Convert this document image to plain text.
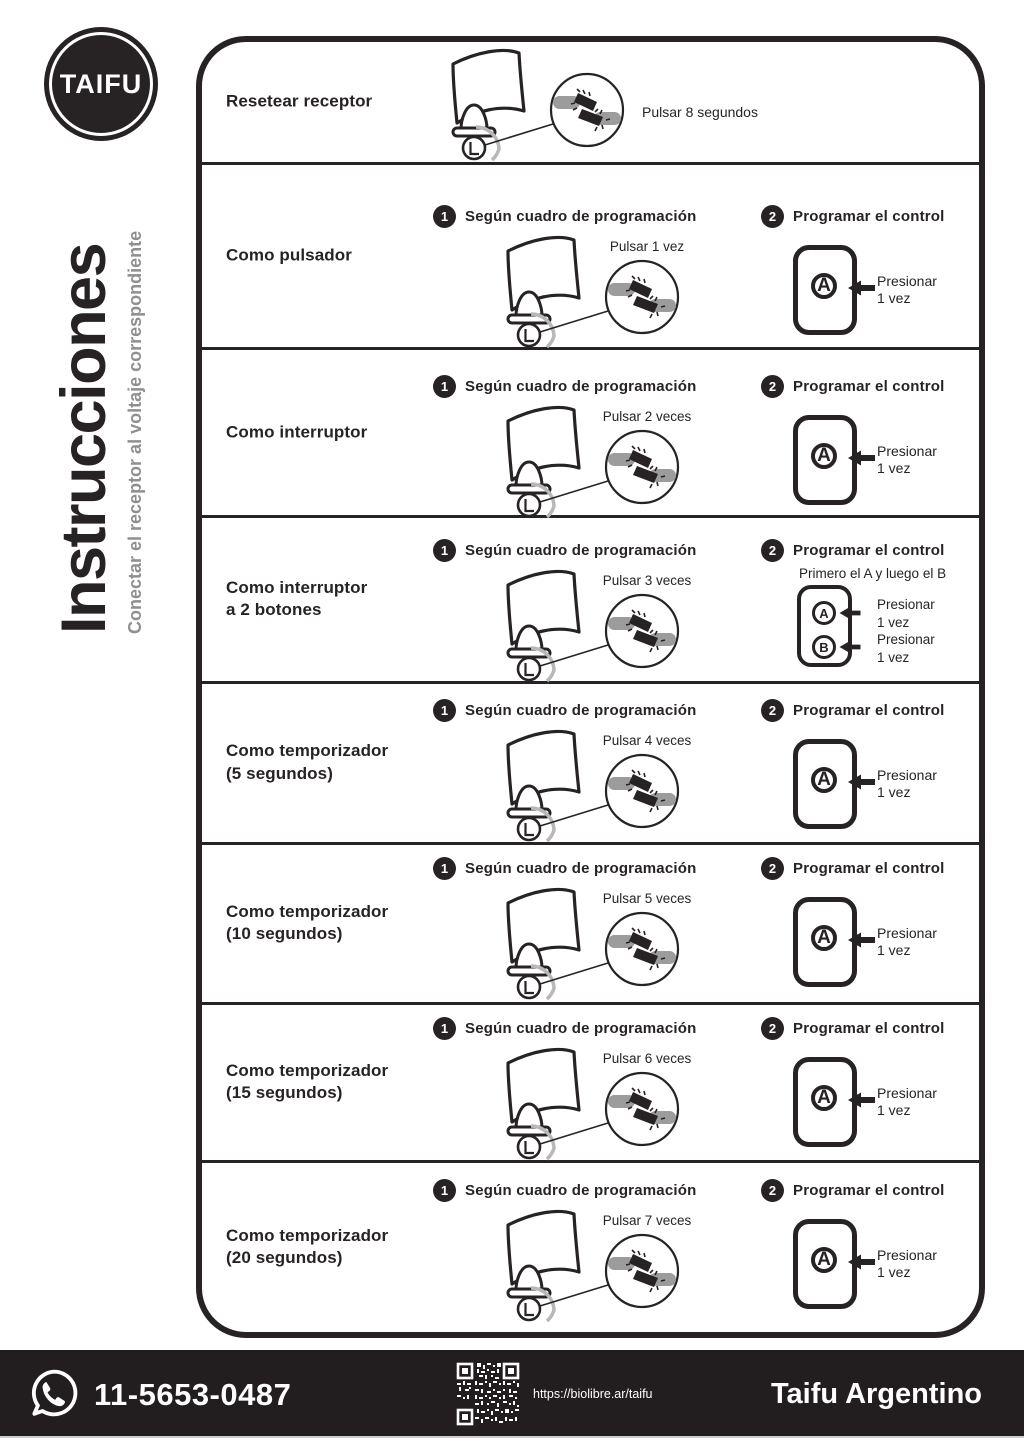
TAIFU
Instrucciones Conectar el receptor al voltaje correspondiente
Resetear receptor
Pulsar 8 segundos
Como pulsador
1	Según cuadro de programación
Pulsar 1 vez
2	Programar el control
A	Presionar
1 vez
Como interruptor
1	Según cuadro de programación
Pulsar 2 veces
2	Programar el control
A	Presionar
1 vez
Como interruptor
a 2 botones
1	Según cuadro de programación
Pulsar 3 veces
2	Programar el control
Primero el A y luego el B
A
B
Presionar
1 vez
Presionar
1 vez
Como temporizador
(5 segundos)
1	Según cuadro de programación
Pulsar 4 veces
2	Programar el control
A	Presionar
1 vez
Como temporizador
(10 segundos)
1	Según cuadro de programación
Pulsar 5 veces
2	Programar el control
A	Presionar
1 vez
Como temporizador
(15 segundos)
1	Según cuadro de programación
Pulsar 6 veces
2	Programar el control
A	Presionar
1 vez
Como temporizador
(20 segundos)
1	Según cuadro de programación
Pulsar 7 veces
2	Programar el control
A	Presionar
1 vez
11-5653-0487	https://biolibre.ar/taifu	Taifu Argentino
